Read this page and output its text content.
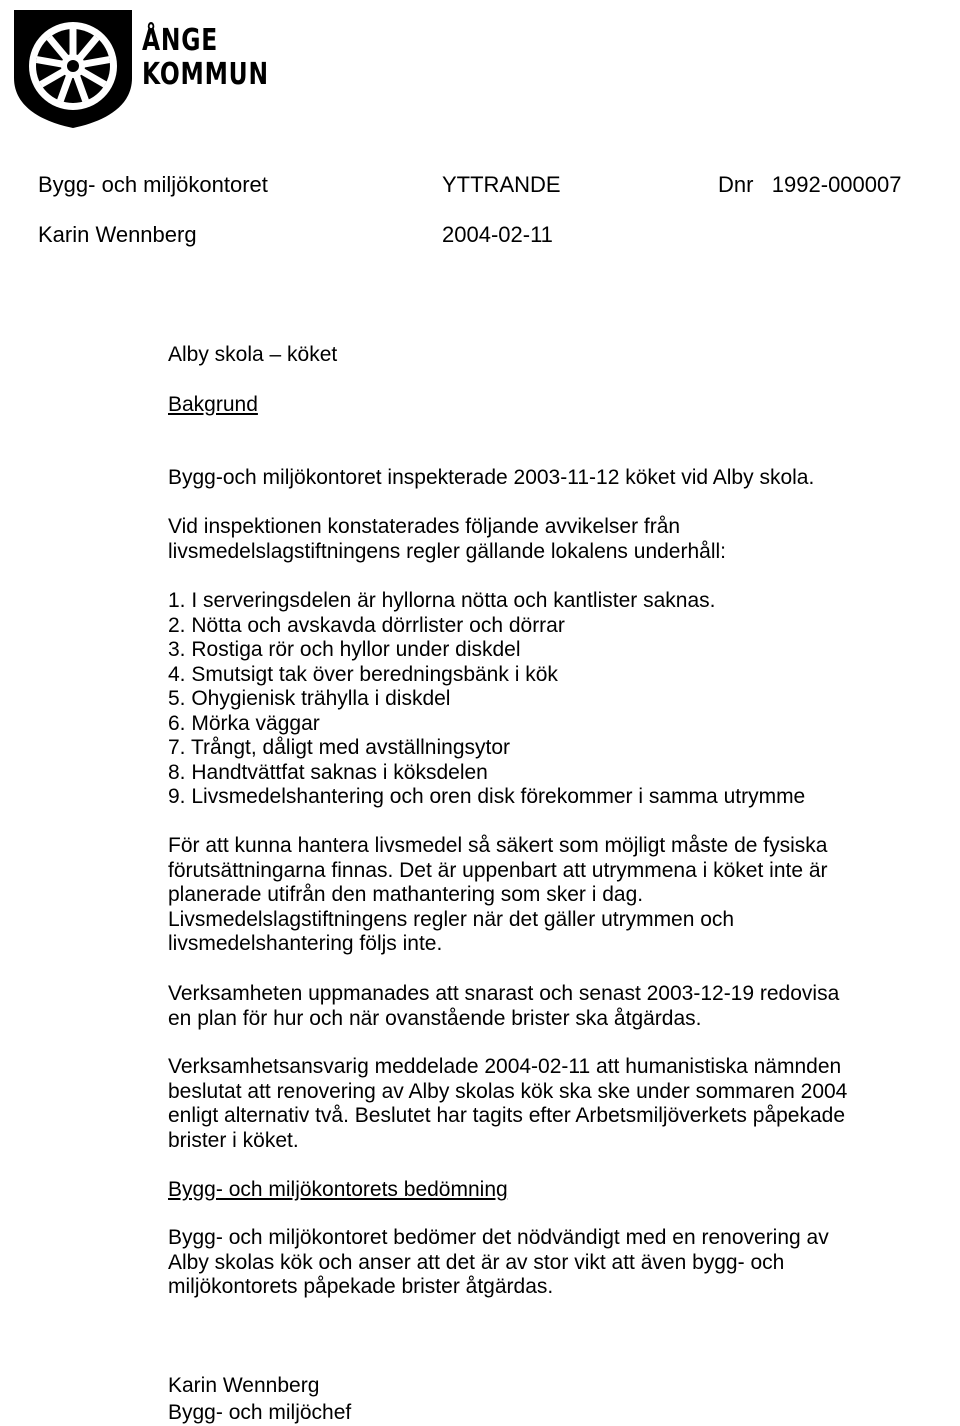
ÅNGE
KOMMUN
Bygg- och miljökontoret	YTTRANDE	Dnr 1992-000007
Karin Wennberg	2004-02-11
Alby skola – köket
Bakgrund
Bygg-och miljökontoret inspekterade 2003-11-12 köket vid Alby skola.
Vid inspektionen konstaterades följande avvikelser från
livsmedelslagstiftningens regler gällande lokalens underhåll:
1. I serveringsdelen är hyllorna nötta och kantlister saknas.
2. Nötta och avskavda dörrlister och dörrar
3. Rostiga rör och hyllor under diskdel
4. Smutsigt tak över beredningsbänk i kök
5. Ohygienisk trähylla i diskdel
6. Mörka väggar
7. Trångt, dåligt med avställningsytor
8. Handtvättfat saknas i köksdelen
9. Livsmedelshantering och oren disk förekommer i samma utrymme
För att kunna hantera livsmedel så säkert som möjligt måste de fysiska
förutsättningarna finnas. Det är uppenbart att utrymmena i köket inte är
planerade utifrån den mathantering som sker i dag.
Livsmedelslagstiftningens regler när det gäller utrymmen och
livsmedelshantering följs inte.
Verksamheten uppmanades att snarast och senast 2003-12-19 redovisa
en plan för hur och när ovanstående brister ska åtgärdas.
Verksamhetsansvarig meddelade 2004-02-11 att humanistiska nämnden
beslutat att renovering av Alby skolas kök ska ske under sommaren 2004
enligt alternativ två. Beslutet har tagits efter Arbetsmiljöverkets påpekade
brister i köket.
Bygg- och miljökontorets bedömning
Bygg- och miljökontoret bedömer det nödvändigt med en renovering av
Alby skolas kök och anser att det är av stor vikt att även bygg- och
miljökontorets påpekade brister åtgärdas.
Karin Wennberg
Bygg- och miljöchef
